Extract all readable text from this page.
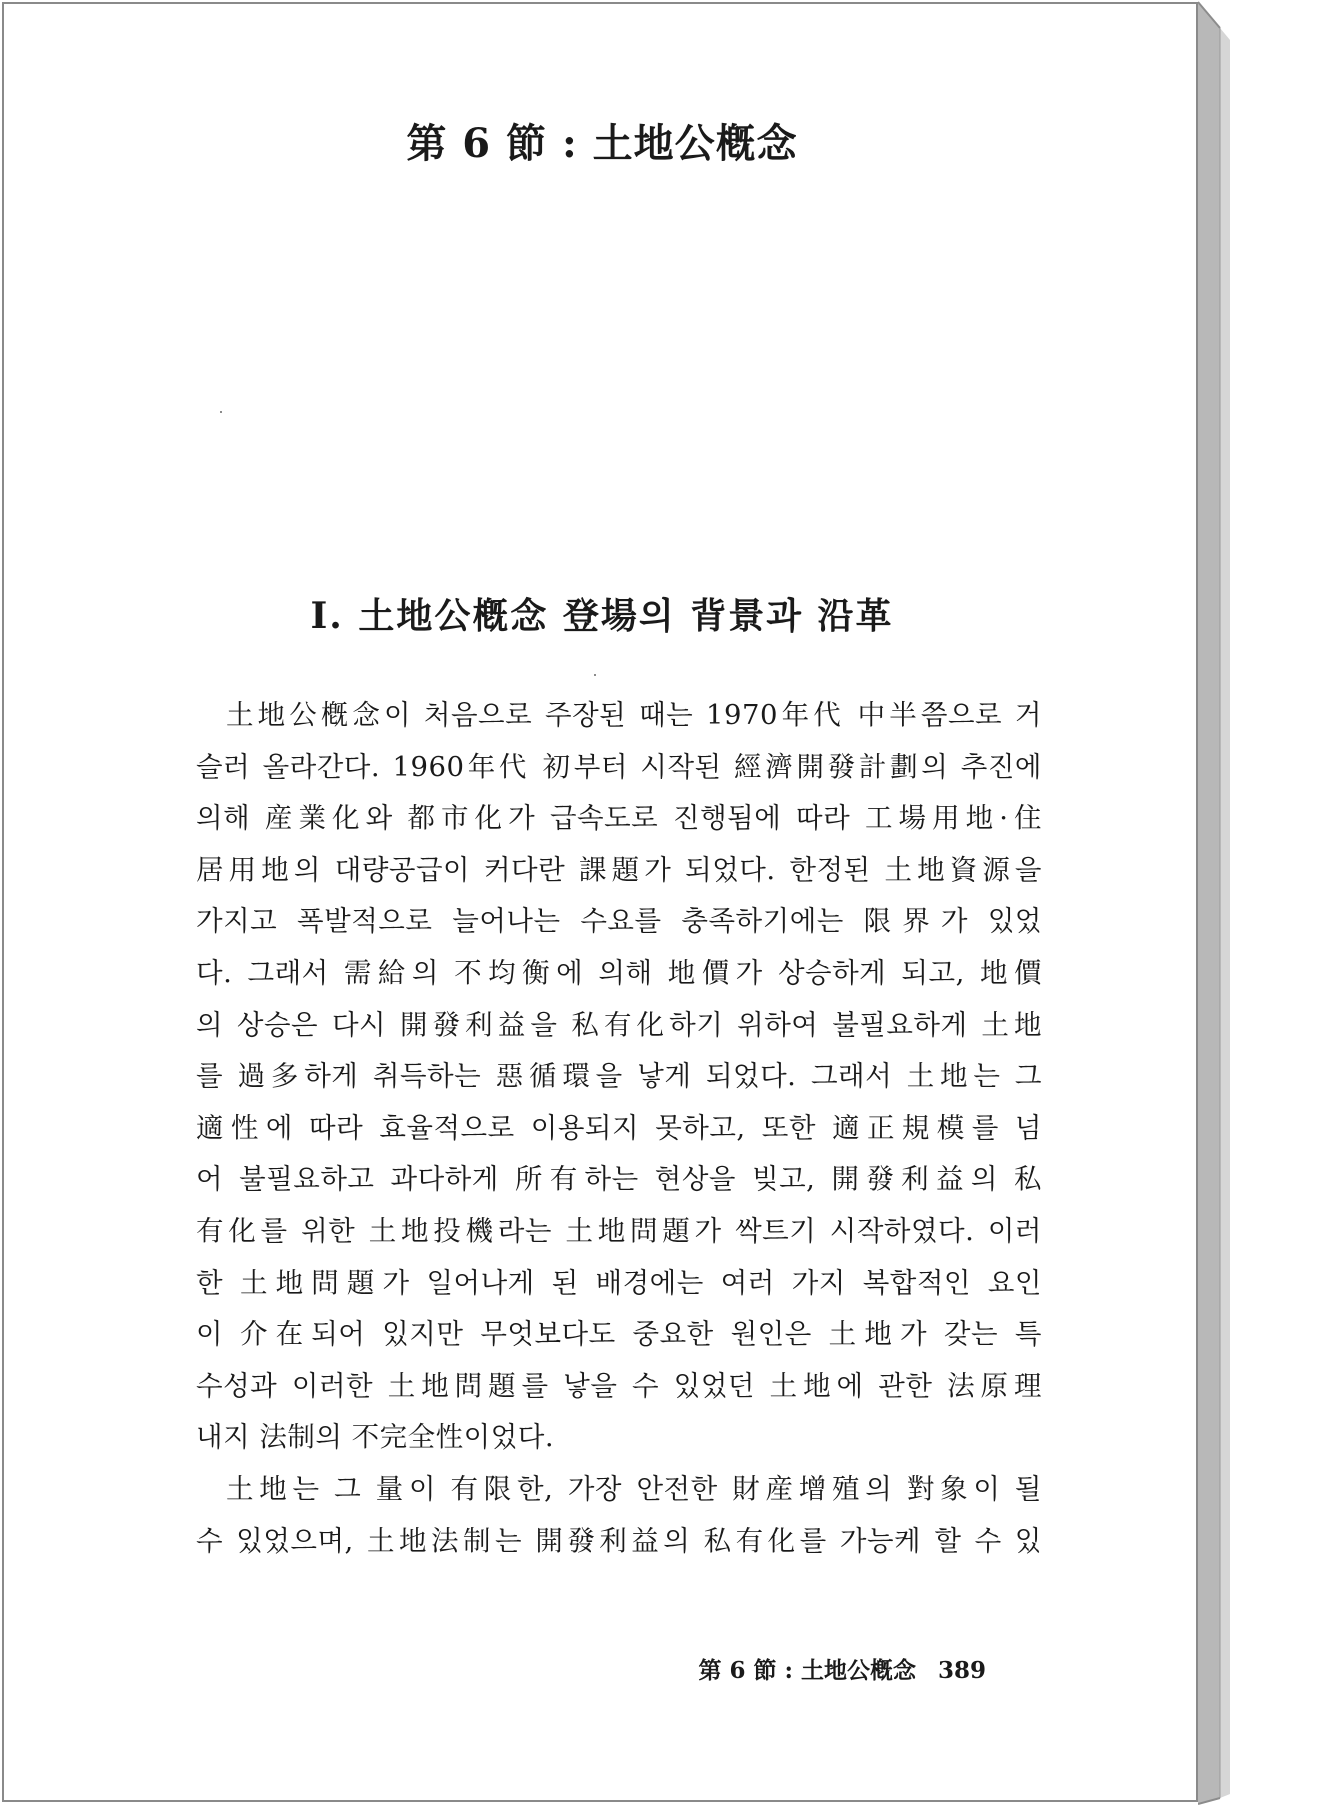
第 6 節 : 土地公槪念
Ⅰ. 土地公槪念 登場의 背景과 沿革
土地公槪念이 처음으로 주장된 때는 1970年代 中半쯤으로 거
슬러 올라간다. 1960年代 初부터 시작된 經濟開發計劃의 추진에
의해 産業化와 都市化가 급속도로 진행됨에 따라 工場用地·住
居用地의 대량공급이 커다란 課題가 되었다. 한정된 土地資源을
가지고 폭발적으로 늘어나는 수요를 충족하기에는 限界가 있었
다. 그래서 需給의 不均衡에 의해 地價가 상승하게 되고, 地價
의 상승은 다시 開發利益을 私有化하기 위하여 불필요하게 土地
를 過多하게 취득하는 惡循環을 낳게 되었다. 그래서 土地는 그
適性에 따라 효율적으로 이용되지 못하고, 또한 適正規模를 넘
어 불필요하고 과다하게 所有하는 현상을 빚고, 開發利益의 私
有化를 위한 土地投機라는 土地問題가 싹트기 시작하였다. 이러
한 土地問題가 일어나게 된 배경에는 여러 가지 복합적인 요인
이 介在되어 있지만 무엇보다도 중요한 원인은 土地가 갖는 특
수성과 이러한 土地問題를 낳을 수 있었던 土地에 관한 法原理
내지 法制의 不完全性이었다.
土地는 그 量이 有限한, 가장 안전한 財産增殖의 對象이 될
수 있었으며, 土地法制는 開發利益의 私有化를 가능케 할 수 있
第 6 節 : 土地公槪念 389
